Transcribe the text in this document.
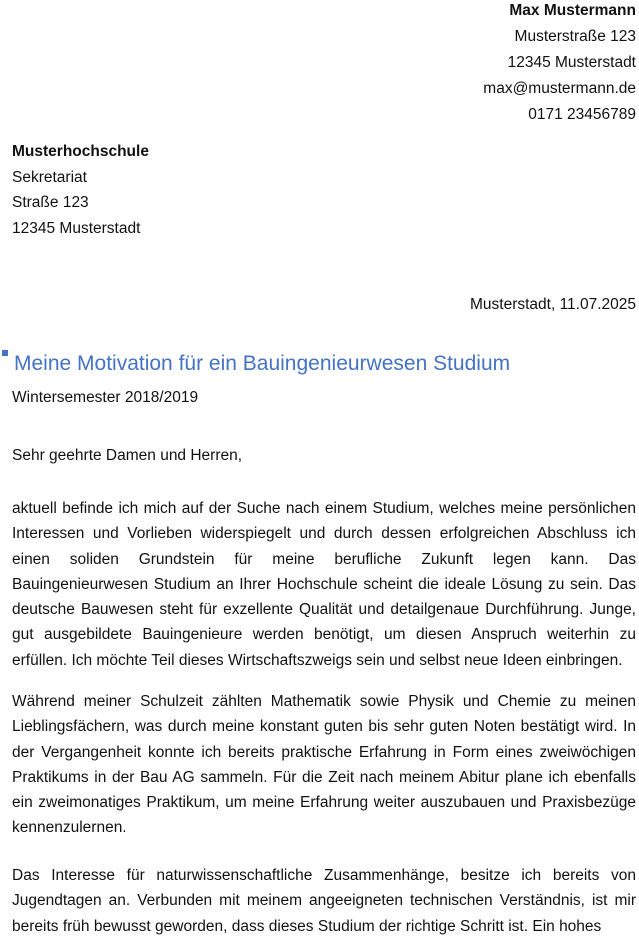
Max Mustermann
Musterstraße 123
12345 Musterstadt
max@mustermann.de
0171 23456789
Musterhochschule
Sekretariat
Straße 123
12345 Musterstadt
Musterstadt, 11.07.2025
Meine Motivation für ein Bauingenieurwesen Studium
Wintersemester 2018/2019
Sehr geehrte Damen und Herren,
aktuell befinde ich mich auf der Suche nach einem Studium, welches meine persönlichen Interessen und Vorlieben widerspiegelt und durch dessen erfolgreichen Abschluss ich einen soliden Grundstein für meine berufliche Zukunft legen kann. Das Bauingenieurwesen Studium an Ihrer Hochschule scheint die ideale Lösung zu sein. Das deutsche Bauwesen steht für exzellente Qualität und detailgenaue Durchführung. Junge, gut ausgebildete Bauingenieure werden benötigt, um diesen Anspruch weiterhin zu erfüllen. Ich möchte Teil dieses Wirtschaftszweigs sein und selbst neue Ideen einbringen.
Während meiner Schulzeit zählten Mathematik sowie Physik und Chemie zu meinen Lieblingsfächern, was durch meine konstant guten bis sehr guten Noten bestätigt wird. In der Vergangenheit konnte ich bereits praktische Erfahrung in Form eines zweiwöchigen Praktikums in der Bau AG sammeln. Für die Zeit nach meinem Abitur plane ich ebenfalls ein zweimonatiges Praktikum, um meine Erfahrung weiter auszubauen und Praxisbezüge kennenzulernen.
Das Interesse für naturwissenschaftliche Zusammenhänge, besitze ich bereits von Jugendtagen an. Verbunden mit meinem angeeigneten technischen Verständnis, ist mir bereits früh bewusst geworden, dass dieses Studium der richtige Schritt ist. Ein hohes
